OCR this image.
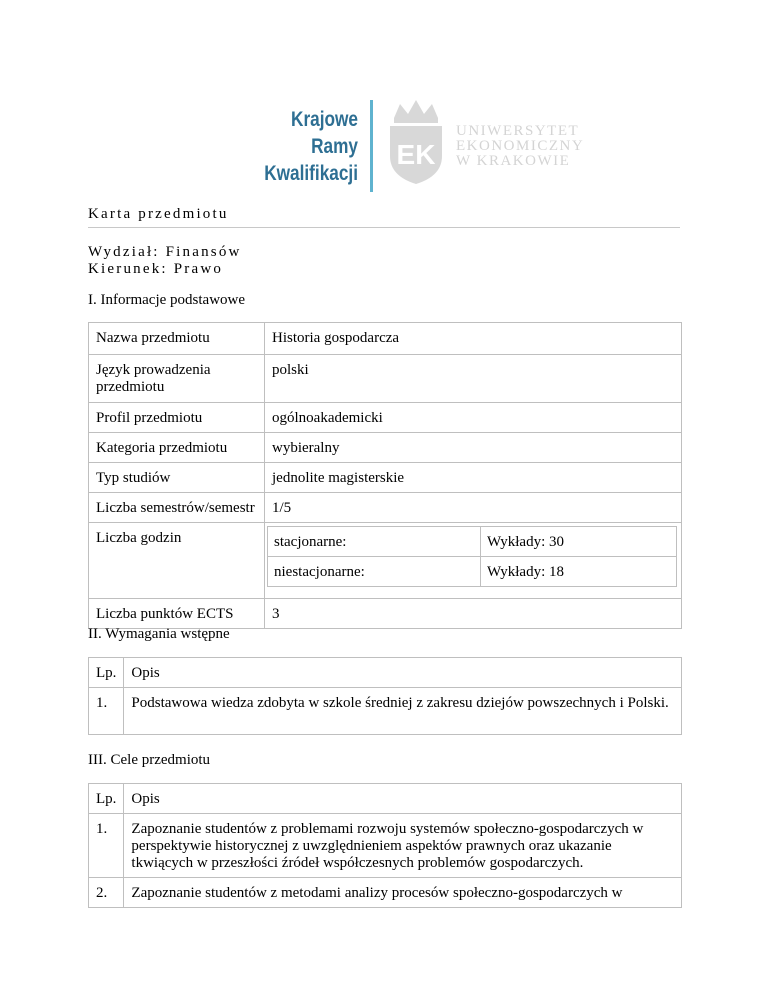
Krajowe
Ramy
Kwalifikacji
EK
UNIWERSYTET
EKONOMICZNY
W KRAKOWIE
Karta przedmiotu
Wydział: Finansów
Kierunek: Prawo
I. Informacje podstawowe
Nazwa przedmiotu	Historia gospodarcza
Język prowadzenia przedmiotu	polski
Profil przedmiotu	ogólnoakademicki
Kategoria przedmiotu	wybieralny
Typ studiów	jednolite magisterskie
Liczba semestrów/semestr	1/5
Liczba godzin		stacjonarne:	Wykłady: 30
niestacjonarne:	Wykłady: 18

Liczba punktów ECTS	3
II. Wymagania wstępne
Lp.	Opis
1.	Podstawowa wiedza zdobyta w szkole średniej z zakresu dziejów powszechnych i Polski.
III. Cele przedmiotu
Lp.	Opis
1.	Zapoznanie studentów z problemami rozwoju systemów społeczno-gospodarczych w perspektywie historycznej z uwzględnieniem aspektów prawnych oraz ukazanie tkwiących w przeszłości źródeł współczesnych problemów gospodarczych.
2.	Zapoznanie studentów z metodami analizy procesów społeczno-gospodarczych w
